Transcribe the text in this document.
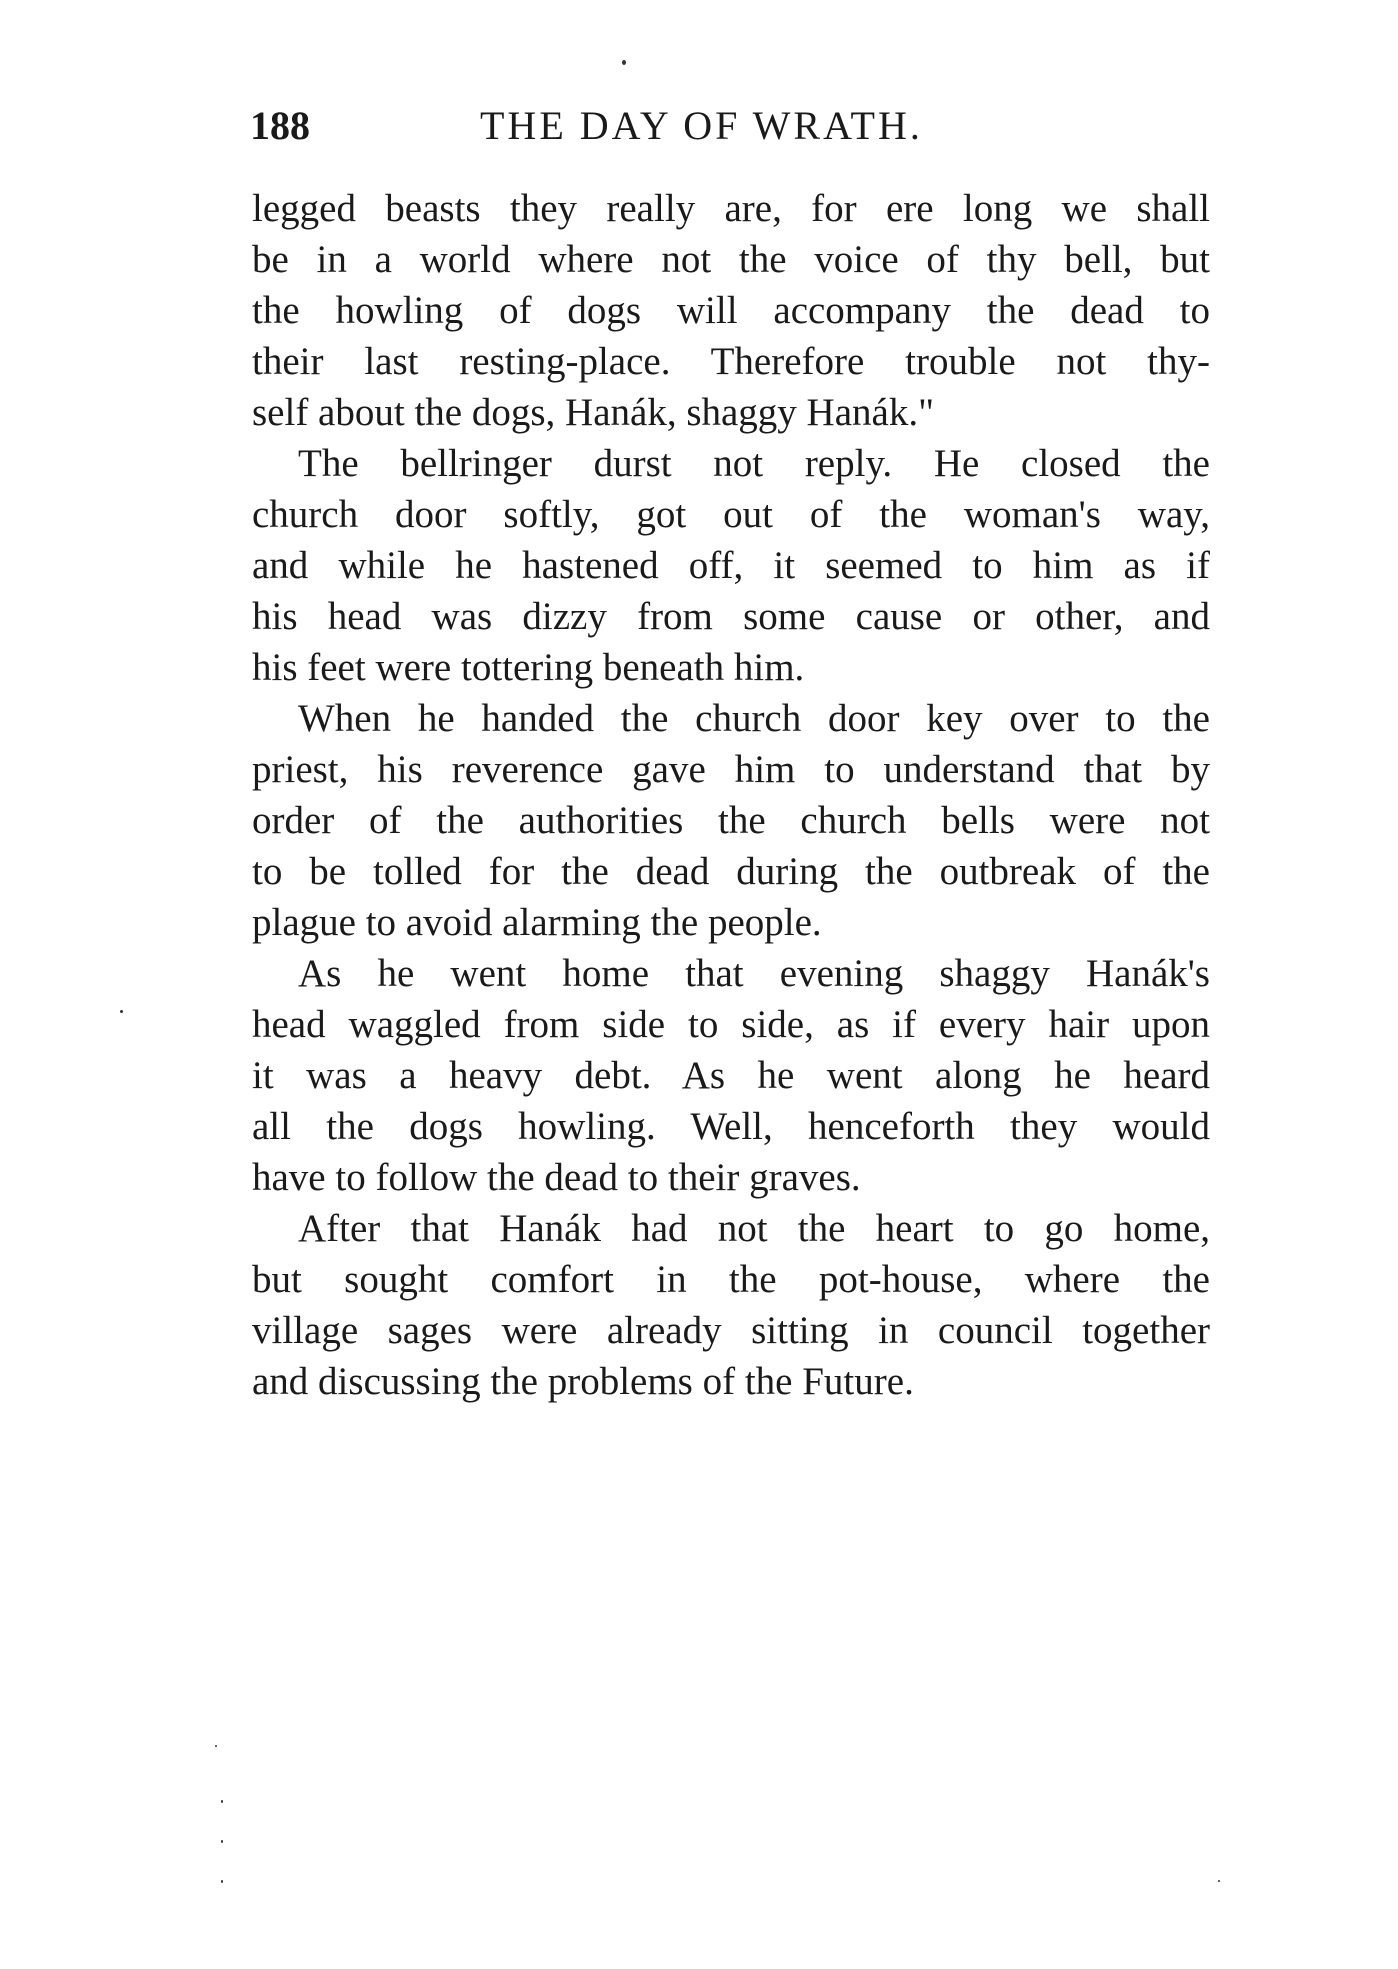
188	THE DAY OF WRATH.
legged beasts they really are, for ere long we shall
be in a world where not the voice of thy bell, but
the howling of dogs will accompany the dead to
their last resting-place. Therefore trouble not thy-
self about the dogs, Hanák, shaggy Hanák."
The bellringer durst not reply. He closed the
church door softly, got out of the woman's way,
and while he hastened off, it seemed to him as if
his head was dizzy from some cause or other, and
his feet were tottering beneath him.
When he handed the church door key over to the
priest, his reverence gave him to understand that by
order of the authorities the church bells were not
to be tolled for the dead during the outbreak of the
plague to avoid alarming the people.
As he went home that evening shaggy Hanák's
head waggled from side to side, as if every hair upon
it was a heavy debt. As he went along he heard
all the dogs howling. Well, henceforth they would
have to follow the dead to their graves.
After that Hanák had not the heart to go home,
but sought comfort in the pot-house, where the
village sages were already sitting in council together
and discussing the problems of the Future.
